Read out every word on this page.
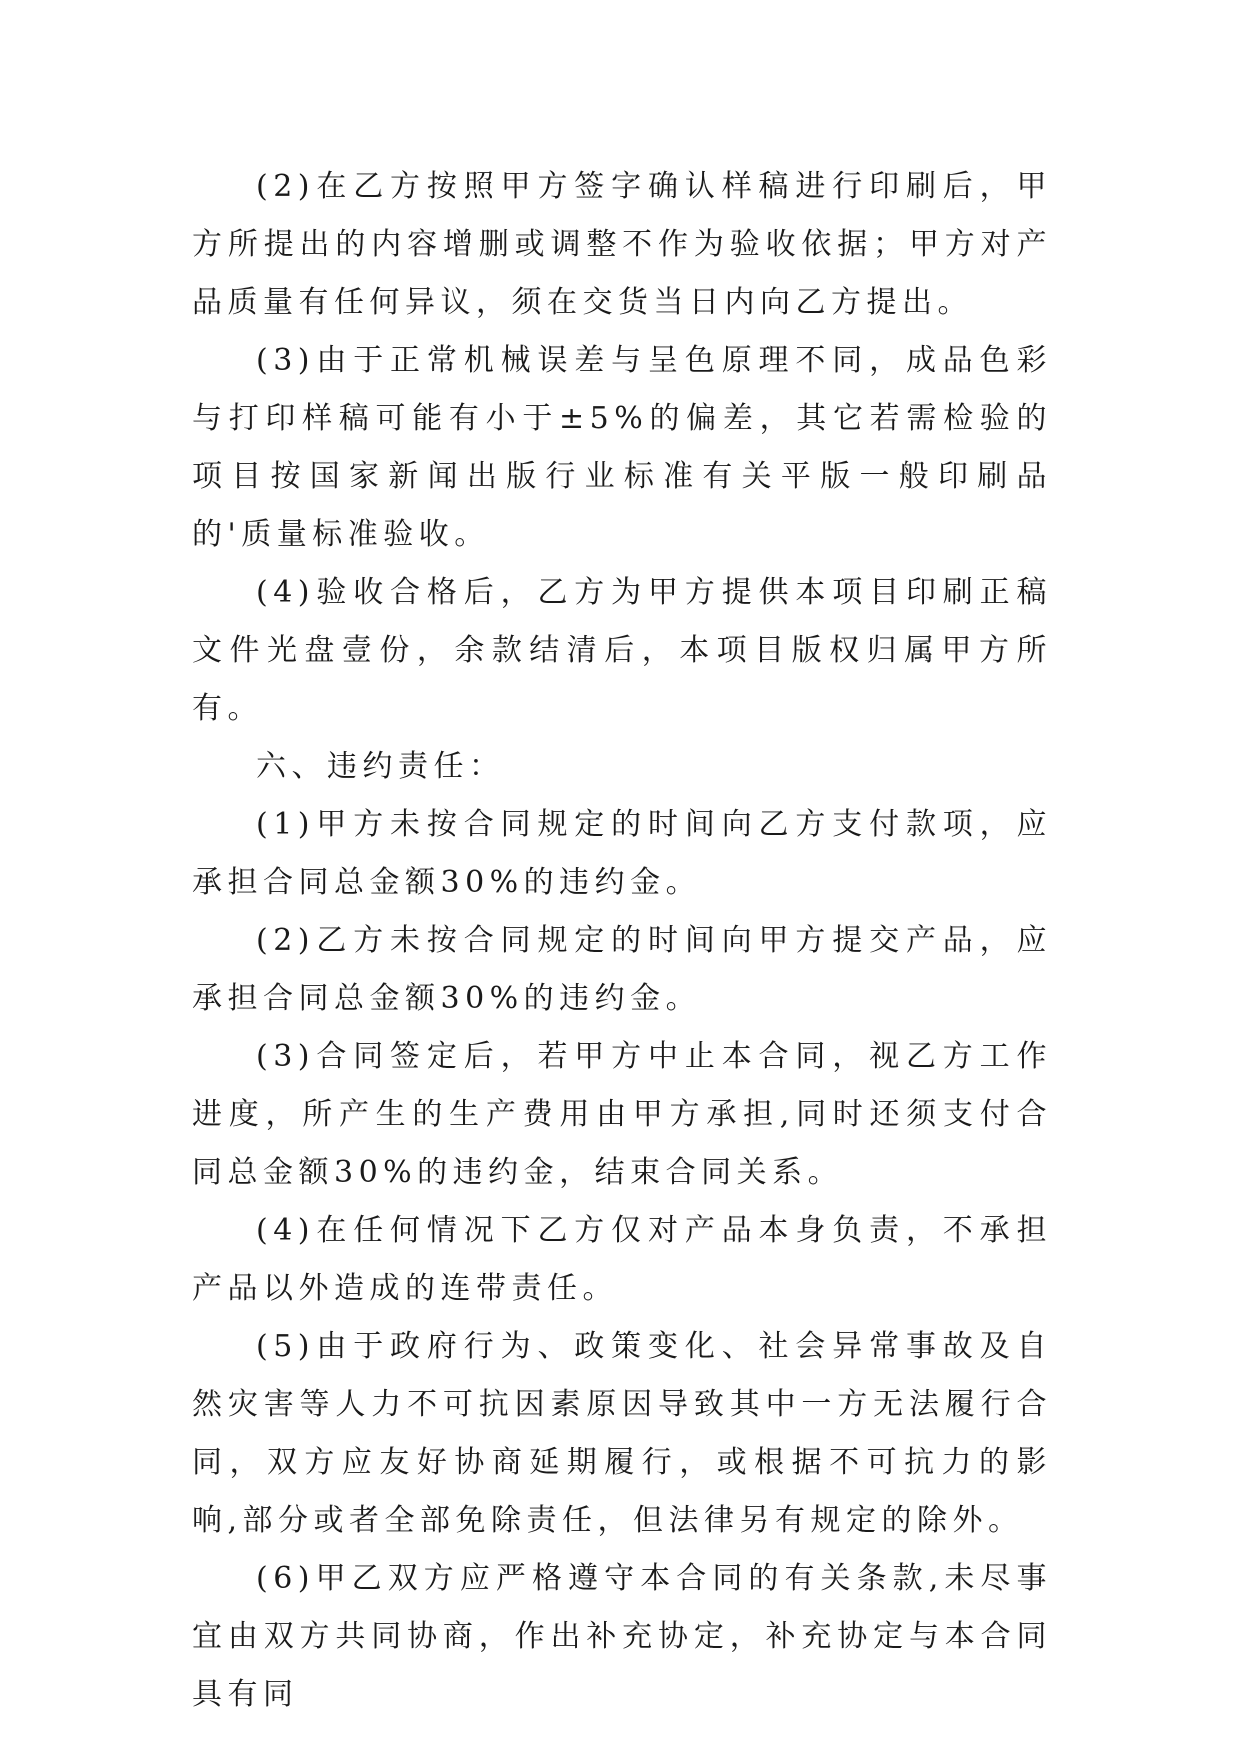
(2)在乙方按照甲方签字确认样稿进行印刷后，甲方所提出的内容增删或调整不作为验收依据；甲方对产品质量有任何异议，须在交货当日内向乙方提出。

(3)由于正常机械误差与呈色原理不同，成品色彩与打印样稿可能有小于±5%的偏差，其它若需检验的项目按国家新闻出版行业标准有关平版一般印刷品的'质量标准验收。

(4)验收合格后，乙方为甲方提供本项目印刷正稿文件光盘壹份，余款结清后，本项目版权归属甲方所有。

六、违约责任：

(1)甲方未按合同规定的时间向乙方支付款项，应承担合同总金额30%的违约金。

(2)乙方未按合同规定的时间向甲方提交产品，应承担合同总金额30%的违约金。

(3)合同签定后，若甲方中止本合同，视乙方工作进度，所产生的生产费用由甲方承担,同时还须支付合同总金额30%的违约金，结束合同关系。

(4)在任何情况下乙方仅对产品本身负责，不承担产品以外造成的连带责任。

(5)由于政府行为、政策变化、社会异常事故及自然灾害等人力不可抗因素原因导致其中一方无法履行合同，双方应友好协商延期履行，或根据不可抗力的影响,部分或者全部免除责任，但法律另有规定的除外。

(6)甲乙双方应严格遵守本合同的有关条款,未尽事宜由双方共同协商，作出补充协定，补充协定与本合同具有同
